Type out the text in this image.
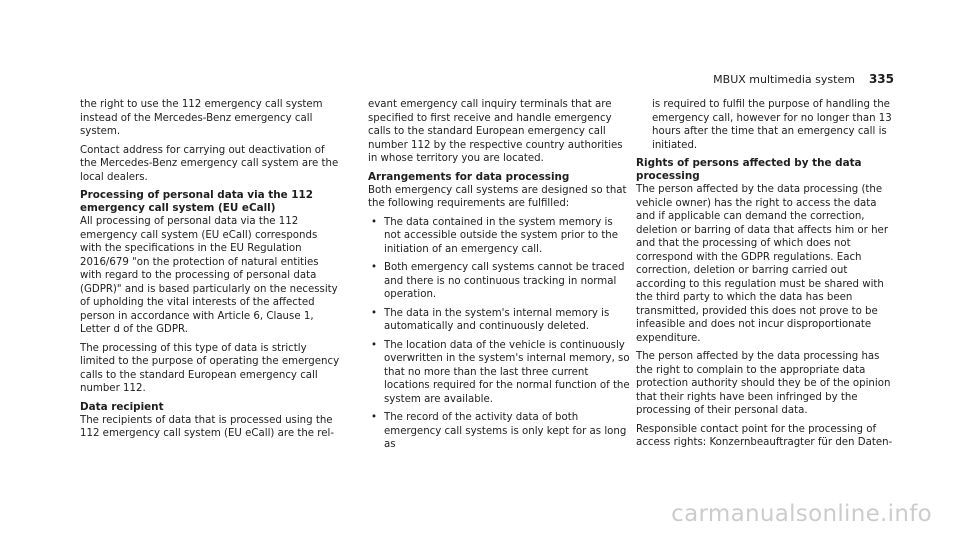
MBUX multimedia system 335

the right to use the 112 emergency call system instead of the Mercedes-Benz emergency call system.

Contact address for carrying out deactivation of the Mercedes-Benz emergency call system are the local dealers.

Processing of personal data via the 112 emergency call system (EU eCall)

All processing of personal data via the 112 emergency call system (EU eCall) corresponds with the specifications in the EU Regulation 2016/679 "on the protection of natural entities with regard to the processing of personal data (GDPR)" and is based particularly on the necessity of upholding the vital interests of the affected person in accordance with Article 6, Clause 1, Letter d of the GDPR.

The processing of this type of data is strictly limited to the purpose of operating the emergency calls to the standard European emergency call number 112.

Data recipient

The recipients of data that is processed using the 112 emergency call system (EU eCall) are the rel-

evant emergency call inquiry terminals that are specified to first receive and handle emergency calls to the standard European emergency call number 112 by the respective country authorities in whose territory you are located.

Arrangements for data processing

Both emergency call systems are designed so that the following requirements are fulfilled:

• The data contained in the system memory is not accessible outside the system prior to the initiation of an emergency call.
• Both emergency call systems cannot be traced and there is no continuous tracking in normal operation.
• The data in the system's internal memory is automatically and continuously deleted.
• The location data of the vehicle is continuously overwritten in the system's internal memory, so that no more than the last three current locations required for the normal function of the system are available.
• The record of the activity data of both emergency call systems is only kept for as long as
is required to fulfil the purpose of handling the emergency call, however for no longer than 13 hours after the time that an emergency call is initiated.
Rights of persons affected by the data processing

The person affected by the data processing (the vehicle owner) has the right to access the data and if applicable can demand the correction, deletion or barring of data that affects him or her and that the processing of which does not correspond with the GDPR regulations. Each correction, deletion or barring carried out according to this regulation must be shared with the third party to which the data has been transmitted, provided this does not prove to be infeasible and does not incur disproportionate expenditure.

The person affected by the data processing has the right to complain to the appropriate data protection authority should they be of the opinion that their rights have been infringed by the processing of their personal data.

Responsible contact point for the processing of access rights: Konzernbeauftragter für den Daten-

carmanualsonline.info
